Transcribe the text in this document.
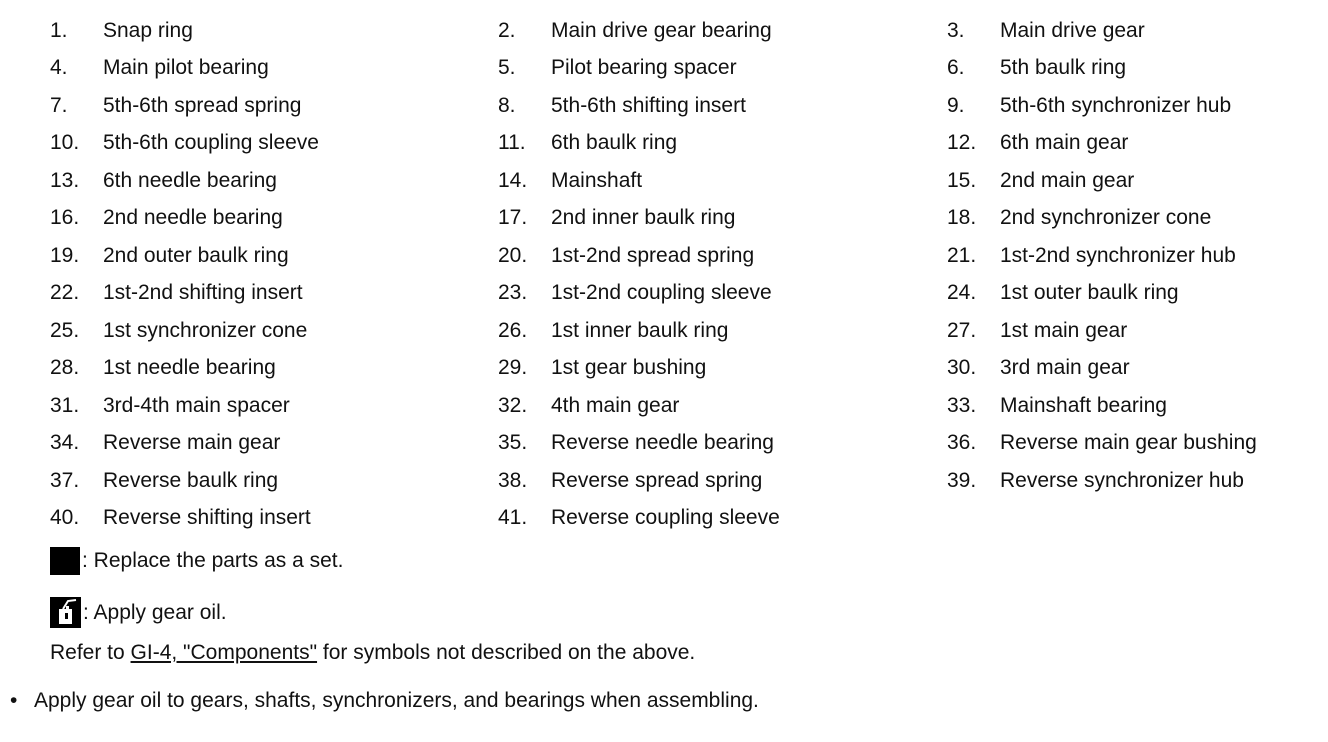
1.	Snap ring	2.	Main drive gear bearing	3.	Main drive gear
4.	Main pilot bearing	5.	Pilot bearing spacer	6.	5th baulk ring
7.	5th-6th spread spring	8.	5th-6th shifting insert	9.	5th-6th synchronizer hub
10.	5th-6th coupling sleeve	11.	6th baulk ring	12.	6th main gear
13.	6th needle bearing	14.	Mainshaft	15.	2nd main gear
16.	2nd needle bearing	17.	2nd inner baulk ring	18.	2nd synchronizer cone
19.	2nd outer baulk ring	20.	1st-2nd spread spring	21.	1st-2nd synchronizer hub
22.	1st-2nd shifting insert	23.	1st-2nd coupling sleeve	24.	1st outer baulk ring
25.	1st synchronizer cone	26.	1st inner baulk ring	27.	1st main gear
28.	1st needle bearing	29.	1st gear bushing	30.	3rd main gear
31.	3rd-4th main spacer	32.	4th main gear	33.	Mainshaft bearing
34.	Reverse main gear	35.	Reverse needle bearing	36.	Reverse main gear bushing
37.	Reverse baulk ring	38.	Reverse spread spring	39.	Reverse synchronizer hub
40.	Reverse shifting insert	41.	Reverse coupling sleeve
: Replace the parts as a set.
: Apply gear oil.
Refer to GI-4, "Components" for symbols not described on the above.
• Apply gear oil to gears, shafts, synchronizers, and bearings when assembling.
